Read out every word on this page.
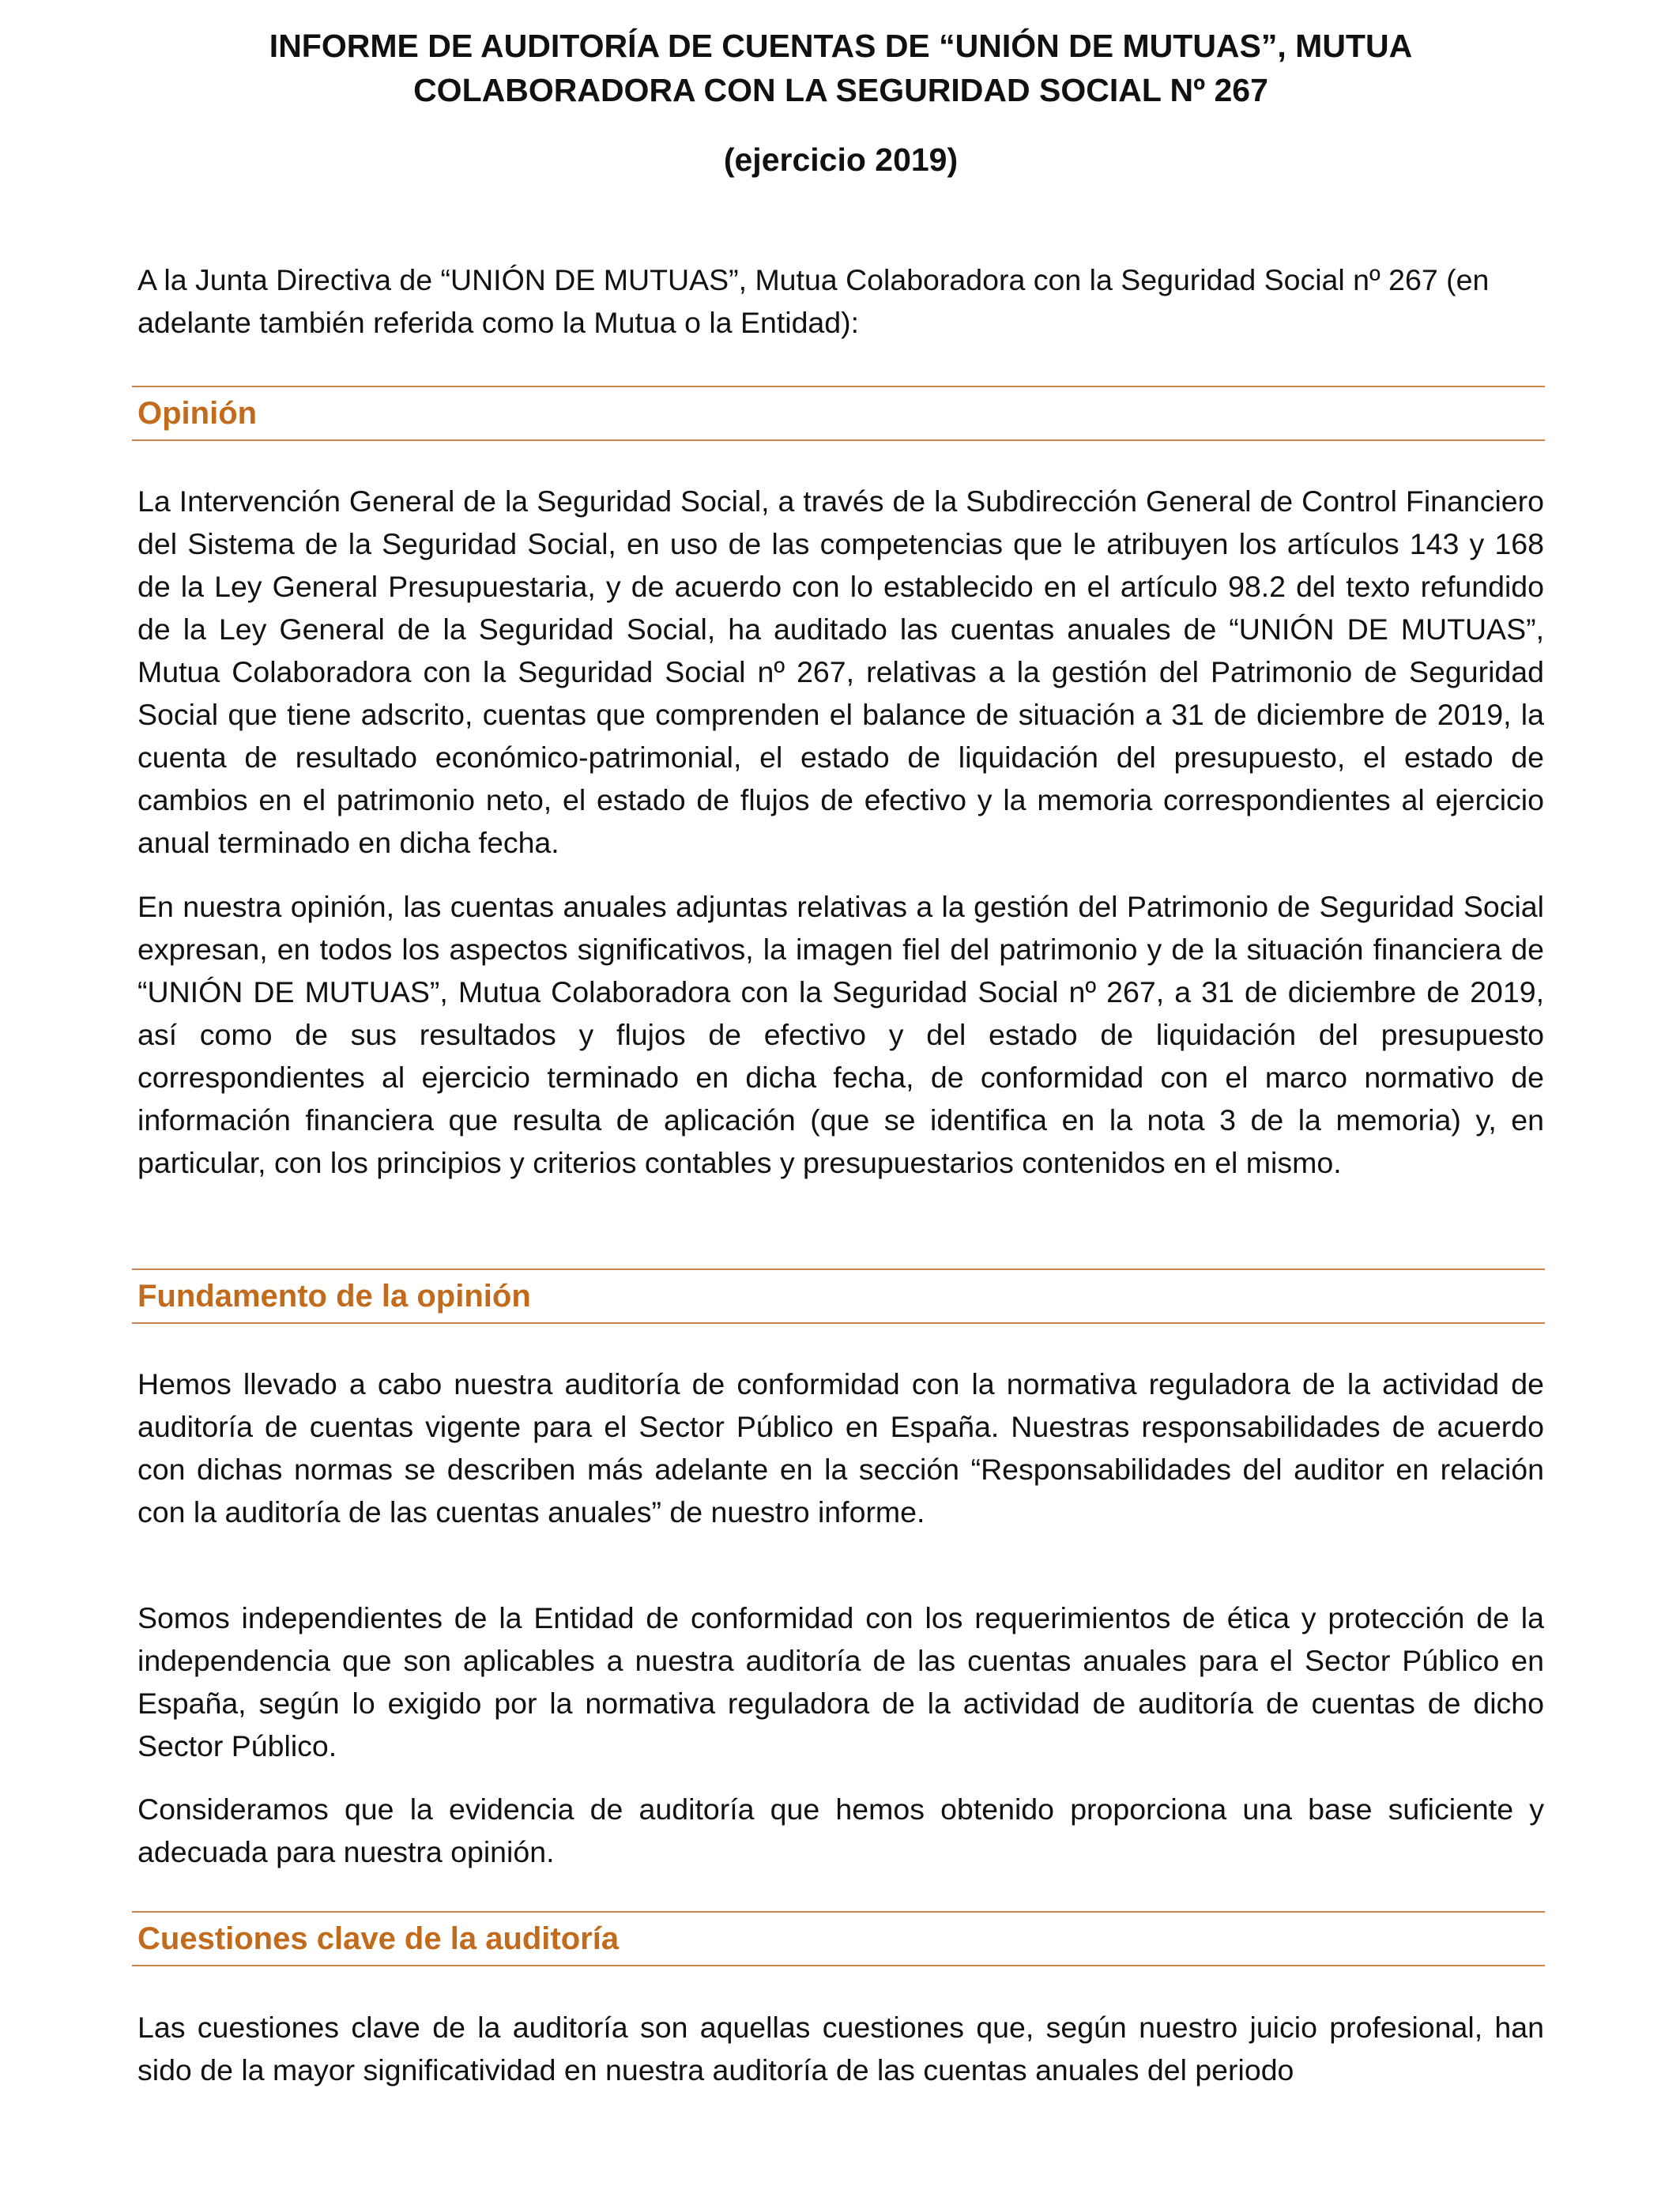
INFORME DE AUDITORÍA DE CUENTAS DE “UNIÓN DE MUTUAS”, MUTUA

COLABORADORA CON LA SEGURIDAD SOCIAL Nº 267

(ejercicio 2019)

A la Junta Directiva de “UNIÓN DE MUTUAS”, Mutua Colaboradora con la Seguridad Social nº 267 (en adelante también referida como la Mutua o la Entidad):

Opinión

La Intervención General de la Seguridad Social, a través de la Subdirección General de Control Financiero del Sistema de la Seguridad Social, en uso de las competencias que le atribuyen los artículos 143 y 168 de la Ley General Presupuestaria, y de acuerdo con lo establecido en el artículo 98.2 del texto refundido de la Ley General de la Seguridad Social, ha auditado las cuentas anuales de “UNIÓN DE MUTUAS”, Mutua Colaboradora con la Seguridad Social nº 267, relativas a la gestión del Patrimonio de Seguridad Social que tiene adscrito, cuentas que comprenden el balance de situación a 31 de diciembre de 2019, la cuenta de resultado económico-patrimonial, el estado de liquidación del presupuesto, el estado de cambios en el patrimonio neto, el estado de flujos de efectivo y la memoria correspondientes al ejercicio anual terminado en dicha fecha.

En nuestra opinión, las cuentas anuales adjuntas relativas a la gestión del Patrimonio de Seguridad Social expresan, en todos los aspectos significativos, la imagen fiel del patrimonio y de la situación financiera de “UNIÓN DE MUTUAS”, Mutua Colaboradora con la Seguridad Social nº 267, a 31 de diciembre de 2019, así como de sus resultados y flujos de efectivo y del estado de liquidación del presupuesto correspondientes al ejercicio terminado en dicha fecha, de conformidad con el marco normativo de información financiera que resulta de aplicación (que se identifica en la nota 3 de la memoria) y, en particular, con los principios y criterios contables y presupuestarios contenidos en el mismo.

Fundamento de la opinión

Hemos llevado a cabo nuestra auditoría de conformidad con la normativa reguladora de la actividad de auditoría de cuentas vigente para el Sector Público en España. Nuestras responsabilidades de acuerdo con dichas normas se describen más adelante en la sección “Responsabilidades del auditor en relación con la auditoría de las cuentas anuales” de nuestro informe.

Somos independientes de la Entidad de conformidad con los requerimientos de ética y protección de la independencia que son aplicables a nuestra auditoría de las cuentas anuales para el Sector Público en España, según lo exigido por la normativa reguladora de la actividad de auditoría de cuentas de dicho Sector Público.

Consideramos que la evidencia de auditoría que hemos obtenido proporciona una base suficiente y adecuada para nuestra opinión.

Cuestiones clave de la auditoría

Las cuestiones clave de la auditoría son aquellas cuestiones que, según nuestro juicio profesional, han sido de la mayor significatividad en nuestra auditoría de las cuentas anuales del periodo
